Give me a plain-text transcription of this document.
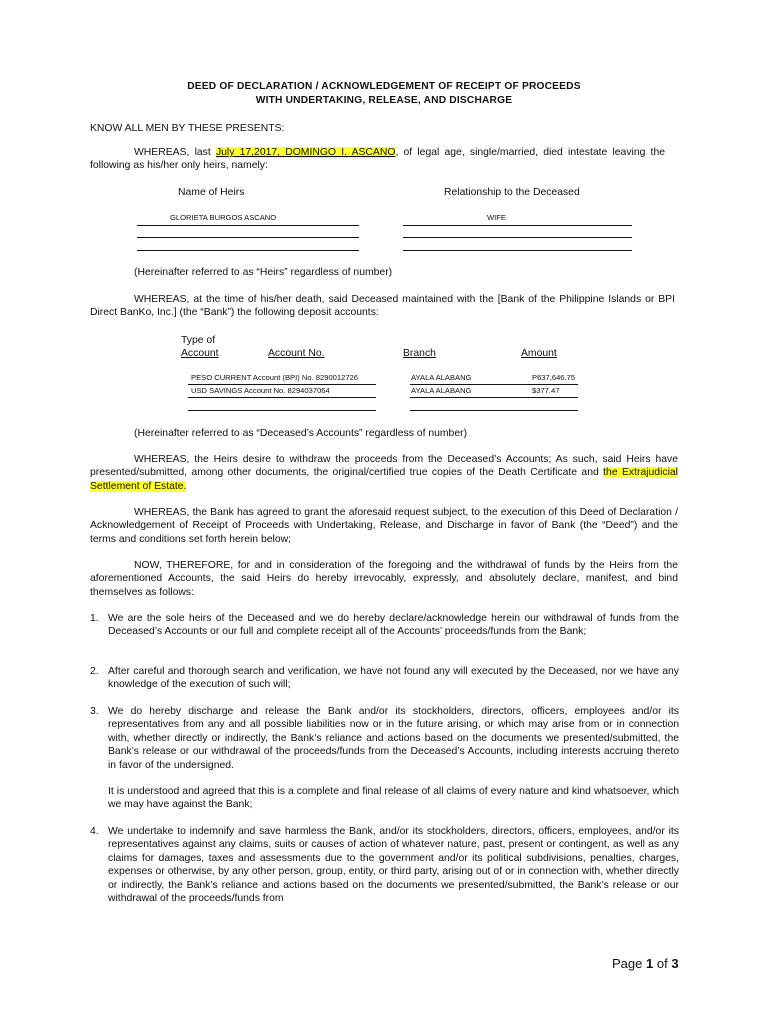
DEED OF DECLARATION / ACKNOWLEDGEMENT OF RECEIPT OF PROCEEDS
WITH UNDERTAKING, RELEASE, AND DISCHARGE
KNOW ALL MEN BY THESE PRESENTS:
WHEREAS, last July 17,2017, DOMINGO I. ASCANO, of legal age, single/married, died intestate leaving the following as his/her only heirs, namely:
Name of Heirs	Relationship to the Deceased
GLORIETA BURGOS ASCANO	WIFE
(Hereinafter referred to as “Heirs” regardless of number)
WHEREAS, at the time of his/her death, said Deceased maintained with the [Bank of the Philippine Islands or BPI Direct BanKo, Inc.] (the “Bank”) the following deposit accounts:
Type of
Account	Account No.	Branch	Amount
PESO CURRENT Account (BPI) No. 8290012726	AYALA ALABANG	P637,646.75
USD SAVINGS Account No. 8294037064	AYALA ALABANG	$377.47
(Hereinafter referred to as “Deceased’s Accounts” regardless of number)
WHEREAS, the Heirs desire to withdraw the proceeds from the Deceased’s Accounts; As such, said Heirs have presented/submitted, among other documents, the original/certified true copies of the Death Certificate and the Extrajudicial Settlement of Estate.
WHEREAS, the Bank has agreed to grant the aforesaid request subject, to the execution of this Deed of Declaration / Acknowledgement of Receipt of Proceeds with Undertaking, Release, and Discharge in favor of Bank (the “Deed”) and the terms and conditions set forth herein below;
NOW, THEREFORE, for and in consideration of the foregoing and the withdrawal of funds by the Heirs from the aforementioned Accounts, the said Heirs do hereby irrevocably, expressly, and absolutely declare, manifest, and bind themselves as follows:
1. We are the sole heirs of the Deceased and we do hereby declare/acknowledge herein our withdrawal of funds from the Deceased’s Accounts or our full and complete receipt all of the Accounts’ proceeds/funds from the Bank;
2. After careful and thorough search and verification, we have not found any will executed by the Deceased, nor we have any knowledge of the execution of such will;
3. We do hereby discharge and release the Bank and/or its stockholders, directors, officers, employees and/or its representatives from any and all possible liabilities now or in the future arising, or which may arise from or in connection with, whether directly or indirectly, the Bank’s reliance and actions based on the documents we presented/submitted, the Bank’s release or our withdrawal of the proceeds/funds from the Deceased’s Accounts, including interests accruing thereto in favor of the undersigned.
It is understood and agreed that this is a complete and final release of all claims of every nature and kind whatsoever, which we may have against the Bank;
4. We undertake to indemnify and save harmless the Bank, and/or its stockholders, directors, officers, employees, and/or its representatives against any claims, suits or causes of action of whatever nature, past, present or contingent, as well as any claims for damages, taxes and assessments due to the government and/or its political subdivisions, penalties, charges, expenses or otherwise, by any other person, group, entity, or third party, arising out of or in connection with, whether directly or indirectly, the Bank’s reliance and actions based on the documents we presented/submitted, the Bank’s release or our withdrawal of the proceeds/funds from
Page 1 of 3
